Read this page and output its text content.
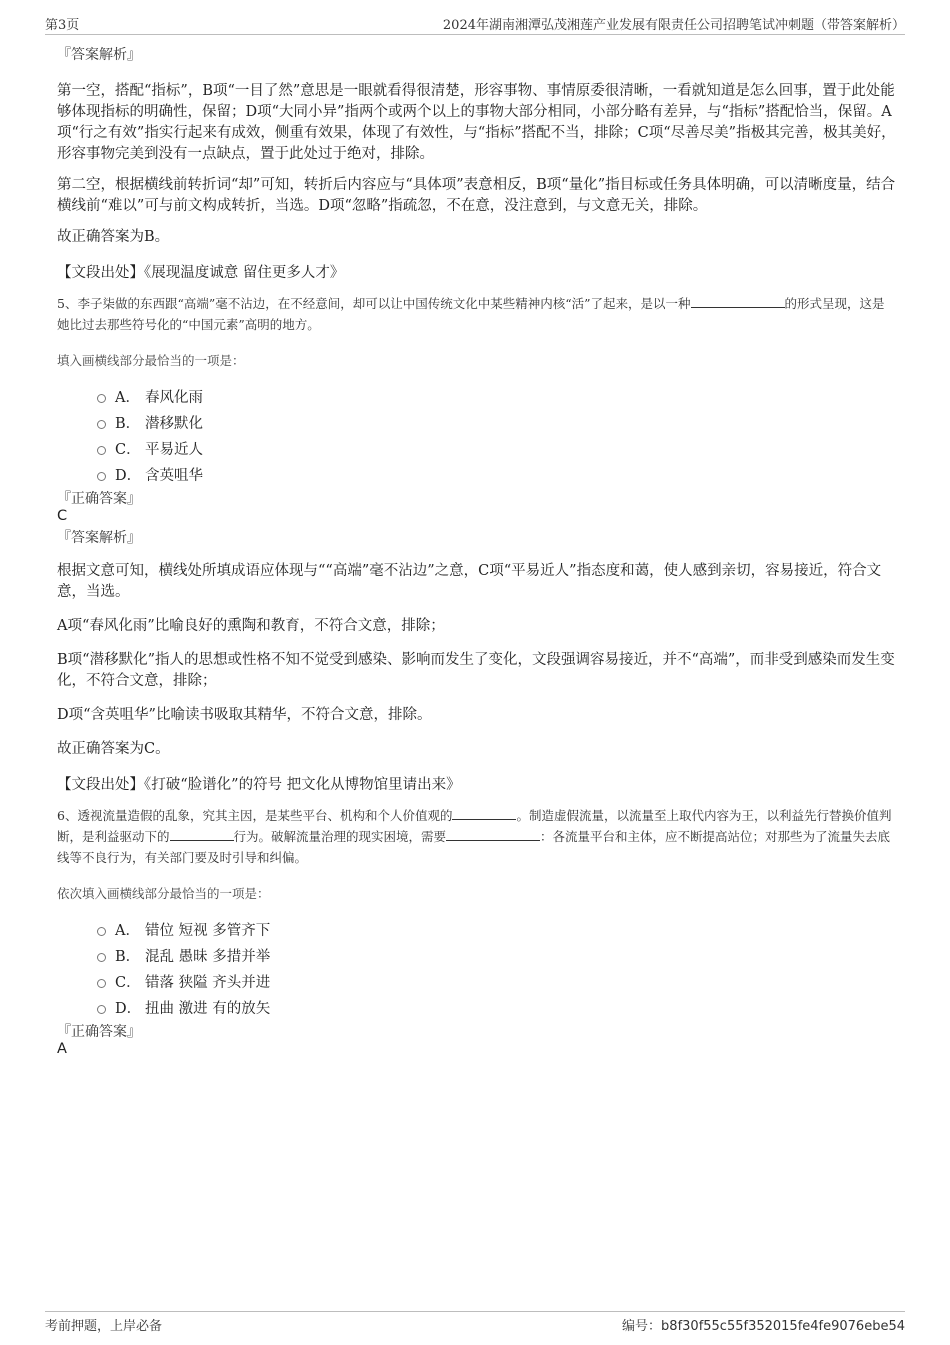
第3页	2024年湖南湘潭弘茂湘莲产业发展有限责任公司招聘笔试冲刺题（带答案解析）
『答案解析』
第一空，搭配“指标”，B项“一目了然”意思是一眼就看得很清楚，形容事物、事情原委很清晰，一看就知道是怎么回事，置于此处能够体现指标的明确性，保留；D项“大同小异”指两个或两个以上的事物大部分相同，小部分略有差异，与“指标”搭配恰当，保留。A项“行之有效”指实行起来有成效，侧重有效果，体现了有效性，与“指标”搭配不当，排除；C项“尽善尽美”指极其完善，极其美好，形容事物完美到没有一点缺点，置于此处过于绝对，排除。
第二空，根据横线前转折词“却”可知，转折后内容应与“具体项”表意相反，B项“量化”指目标或任务具体明确，可以清晰度量，结合横线前“难以”可与前文构成转折，当选。D项“忽略”指疏忽，不在意，没注意到，与文意无关，排除。
故正确答案为B。
【文段出处】《展现温度诚意 留住更多人才》
5、李子柒做的东西跟“高端”毫不沾边，在不经意间，却可以让中国传统文化中某些精神内核“活”了起来，是以一种	的形式呈现，这是她比过去那些符号化的“中国元素”高明的地方。
填入画横线部分最恰当的一项是：
A． 春风化雨
B． 潜移默化
C． 平易近人
D． 含英咀华
『正确答案』
C
『答案解析』
根据文意可知，横线处所填成语应体现与““高端”毫不沾边”之意，C项“平易近人”指态度和蔼，使人感到亲切，容易接近，符合文意，当选。
A项“春风化雨”比喻良好的熏陶和教育，不符合文意，排除；
B项“潜移默化”指人的思想或性格不知不觉受到感染、影响而发生了变化，文段强调容易接近，并不“高端”，而非受到感染而发生变化，不符合文意，排除；
D项“含英咀华”比喻读书吸取其精华，不符合文意，排除。
故正确答案为C。
【文段出处】《打破“脸谱化”的符号 把文化从博物馆里请出来》
6、透视流量造假的乱象，究其主因，是某些平台、机构和个人价值观的	。制造虚假流量，以流量至上取代内容为王，以利益先行替换价值判断，是利益驱动下的	行为。破解流量治理的现实困境，需要	：各流量平台和主体，应不断提高站位；对那些为了流量失去底线等不良行为，有关部门要及时引导和纠偏。
依次填入画横线部分最恰当的一项是：
A． 错位 短视 多管齐下
B． 混乱 愚昧 多措并举
C． 错落 狭隘 齐头并进
D． 扭曲 激进 有的放矢
『正确答案』
A
考前押题，上岸必备	编号：b8f30f55c55f352015fe4fe9076ebe54
